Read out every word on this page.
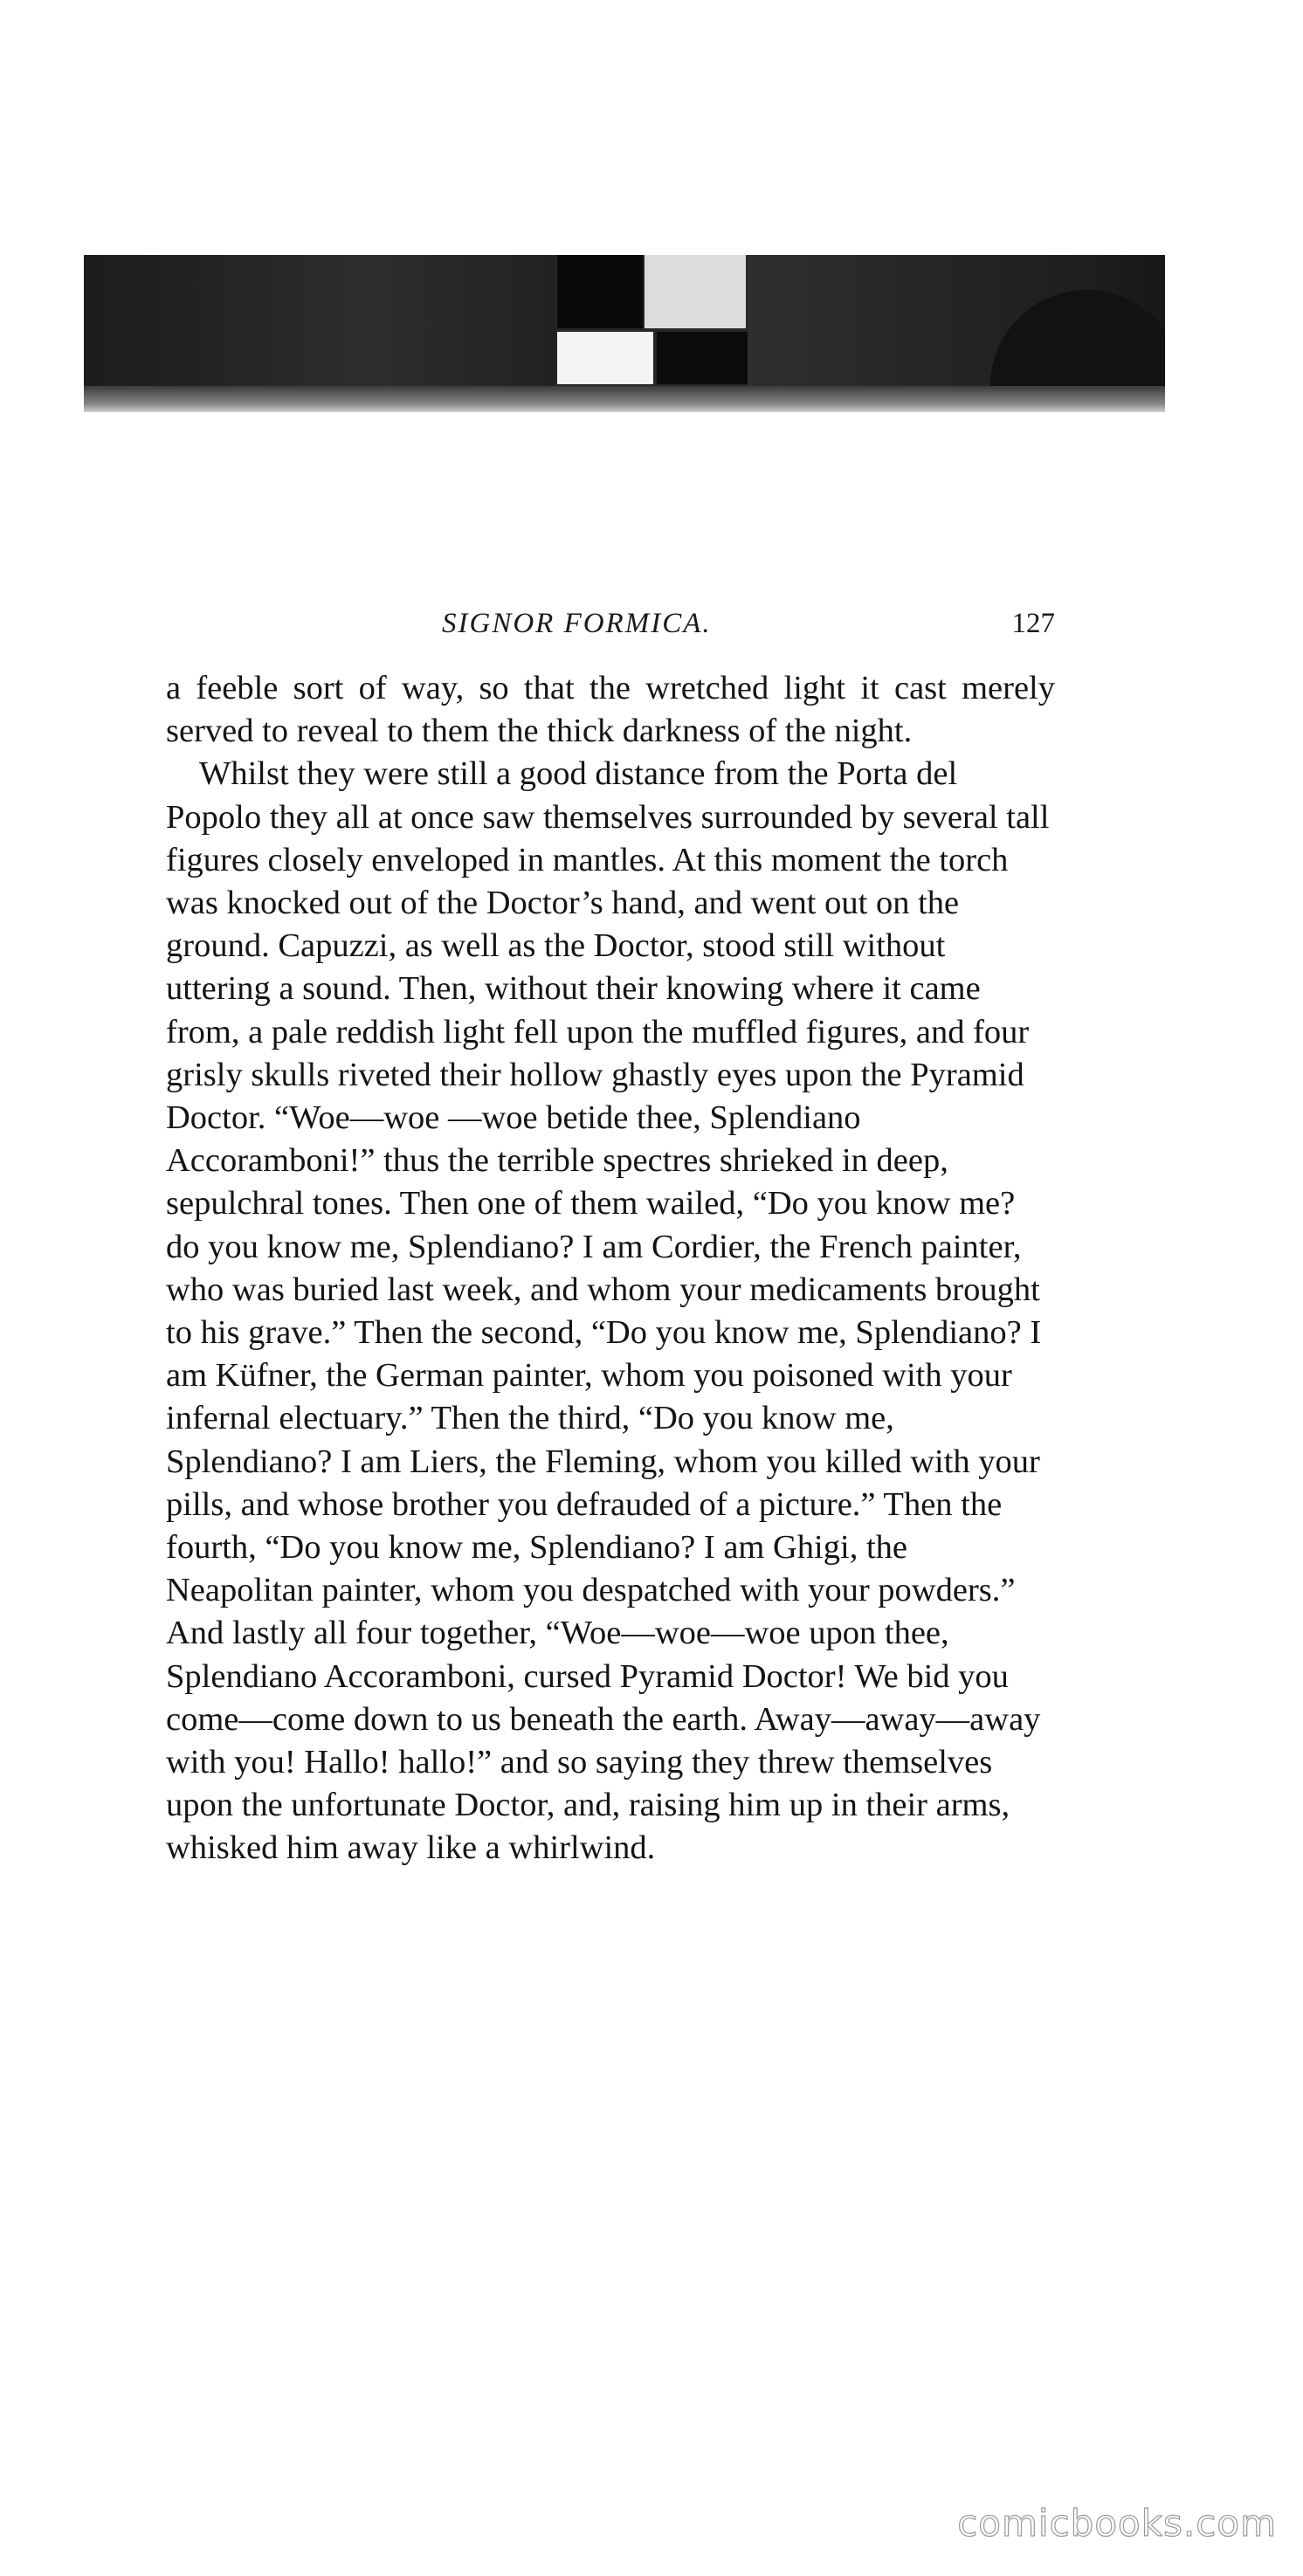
SIGNOR FORMICA.	127

a feeble sort of way, so that the wretched light it cast merely served to reveal to them the thick darkness of the night.

Whilst they were still a good distance from the Porta del Popolo they all at once saw themselves surrounded by several tall figures closely enveloped in mantles. At this moment the torch was knocked out of the Doctor’s hand, and went out on the ground. Capuzzi, as well as the Doctor, stood still without uttering a sound. Then, without their knowing where it came from, a pale reddish light fell upon the muffled figures, and four grisly skulls riveted their hollow ghastly eyes upon the Pyramid Doctor. “Woe—woe —woe betide thee, Splendiano Accoramboni!” thus the terrible spectres shrieked in deep, sepulchral tones. Then one of them wailed, “Do you know me? do you know me, Splendiano? I am Cordier, the French painter, who was buried last week, and whom your medicaments brought to his grave.” Then the second, “Do you know me, Splendiano? I am Küfner, the German painter, whom you poisoned with your infernal electuary.” Then the third, “Do you know me, Splendiano? I am Liers, the Fleming, whom you killed with your pills, and whose brother you defrauded of a picture.” Then the fourth, “Do you know me, Splendiano? I am Ghigi, the Neapolitan painter, whom you despatched with your powders.” And lastly all four together, “Woe—woe—woe upon thee, Splendiano Accoramboni, cursed Pyramid Doctor! We bid you come—come down to us beneath the earth. Away—away—away with you! Hallo! hallo!” and so saying they threw themselves upon the unfortunate Doctor, and, raising him up in their arms, whisked him away like a whirlwind.

comicbooks.com
